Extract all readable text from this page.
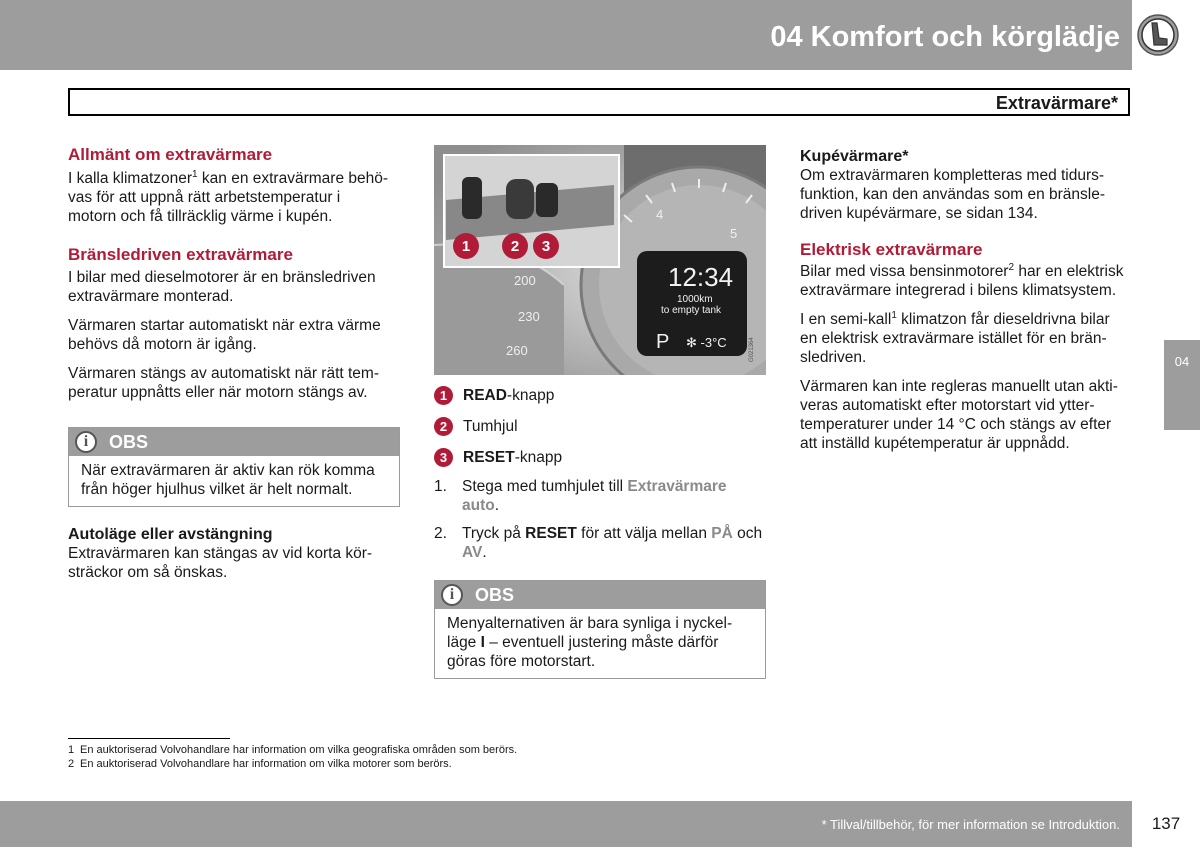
04 Komfort och körglädje
Extravärmare*
Allmänt om extravärmare

I kalla klimatzoner$^1$ kan en extravärmare behö-
vas för att uppnå rätt arbetstemperatur i
motorn och få tillräcklig värme i kupén.

Bränsledriven extravärmare

I bilar med dieselmotorer är en bränsledriven
extravärmare monterad.

Värmaren startar automatiskt när extra värme
behövs då motorn är igång.

Värmaren stängs av automatiskt när rätt tem-
peratur uppnåtts eller när motorn stängs av.

i	OBS
När extravärmaren är aktiv kan rök komma
från höger hjulhus vilket är helt normalt.
Autoläge eller avstängning

Extravärmaren kan stängas av vid korta kör-
sträckor om så önskas.

4
5
200
230
260
12:34
1000km
to empty tank
P ✻ -3°C	G021364
1	2 3
1	READ-knapp
2	Tumhjul
3	RESET-knapp
1. Stega med tumhjulet till Extravärmare
auto.
2. Tryck på RESET för att välja mellan PÅ och
AV.
i	OBS
Menyalternativen är bara synliga i nyckel-
läge I – eventuell justering måste därför
göras före motorstart.
Kupévärmare*

Om extravärmaren kompletteras med tidurs-
funktion, kan den användas som en bränsle-
driven kupévärmare, se sidan 134.

Elektrisk extravärmare

Bilar med vissa bensinmotorer$^2$ har en elektrisk
extravärmare integrerad i bilens klimatsystem.

I en semi-kall$^1$ klimatzon får dieseldrivna bilar
en elektrisk extravärmare istället för en brän-
sledriven.

Värmaren kan inte regleras manuellt utan akti-
veras automatiskt efter motorstart vid ytter-
temperaturer under 14 °C och stängs av efter
att inställd kupétemperatur är uppnådd.

04
1 En auktoriserad Volvohandlare har information om vilka geografiska områden som berörs.
2 En auktoriserad Volvohandlare har information om vilka motorer som berörs.
* Tillval/tillbehör, för mer information se Introduktion.	137
